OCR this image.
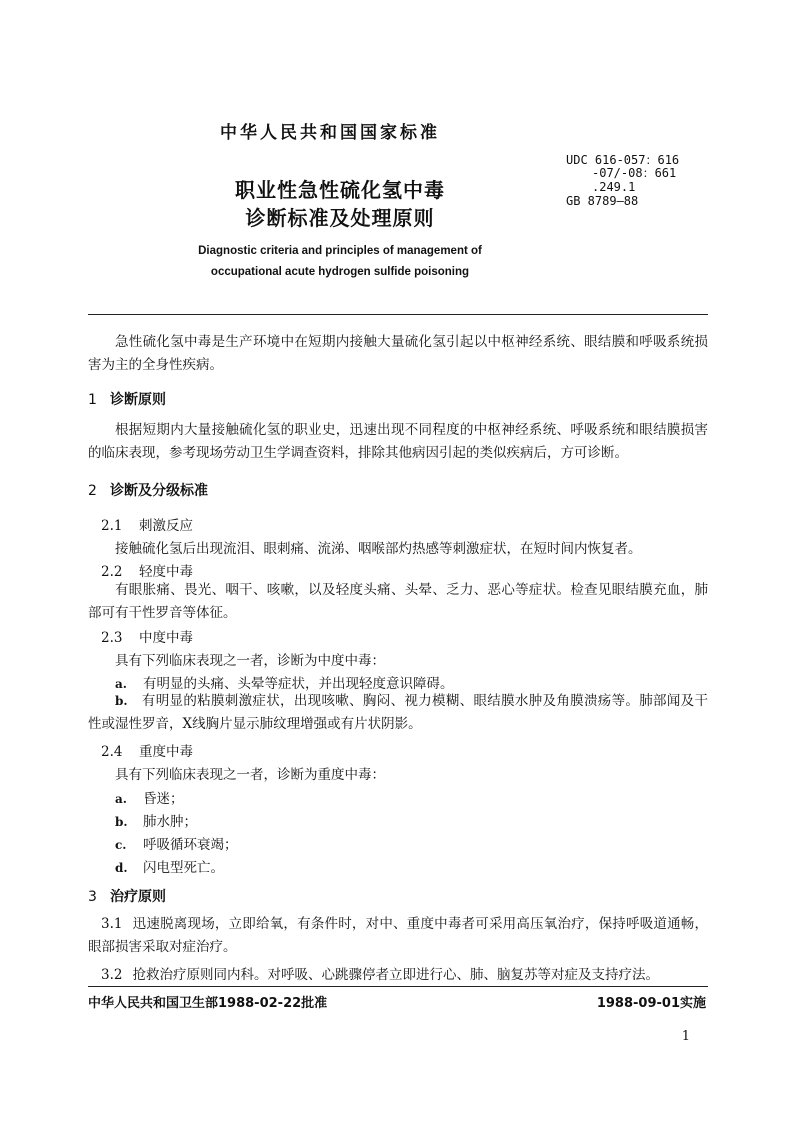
中华人民共和国国家标准
职业性急性硫化氢中毒
诊断标准及处理原则
UDC 616-057：616
-07/-08：661
.249.1
GB 8789—88
Diagnostic criteria and principles of management of
occupational acute hydrogen sulfide poisoning
急性硫化氢中毒是生产环境中在短期内接触大量硫化氢引起以中枢神经系统、眼结膜和呼吸系统损害为主的全身性疾病。
1 诊断原则
根据短期内大量接触硫化氢的职业史，迅速出现不同程度的中枢神经系统、呼吸系统和眼结膜损害的临床表现，参考现场劳动卫生学调查资料，排除其他病因引起的类似疾病后，方可诊断。
2 诊断及分级标准
2.1 刺激反应
接触硫化氢后出现流泪、眼刺痛、流涕、咽喉部灼热感等刺激症状，在短时间内恢复者。
2.2 轻度中毒
有眼胀痛、畏光、咽干、咳嗽，以及轻度头痛、头晕、乏力、恶心等症状。检查见眼结膜充血，肺部可有干性罗音等体征。
2.3 中度中毒
具有下列临床表现之一者，诊断为中度中毒：
a. 有明显的头痛、头晕等症状，并出现轻度意识障碍。
b. 有明显的粘膜刺激症状，出现咳嗽、胸闷、视力模糊、眼结膜水肿及角膜溃疡等。肺部闻及干性或湿性罗音，X线胸片显示肺纹理增强或有片状阴影。
2.4 重度中毒
具有下列临床表现之一者，诊断为重度中毒：
a. 昏迷；
b. 肺水肿；
c. 呼吸循环衰竭；
d. 闪电型死亡。
3 治疗原则
3.1 迅速脱离现场，立即给氧，有条件时，对中、重度中毒者可采用高压氧治疗，保持呼吸道通畅，眼部损害采取对症治疗。
3.2 抢救治疗原则同内科。对呼吸、心跳骤停者立即进行心、肺、脑复苏等对症及支持疗法。
中华人民共和国卫生部1988-02-22批准	1988-09-01实施
1
